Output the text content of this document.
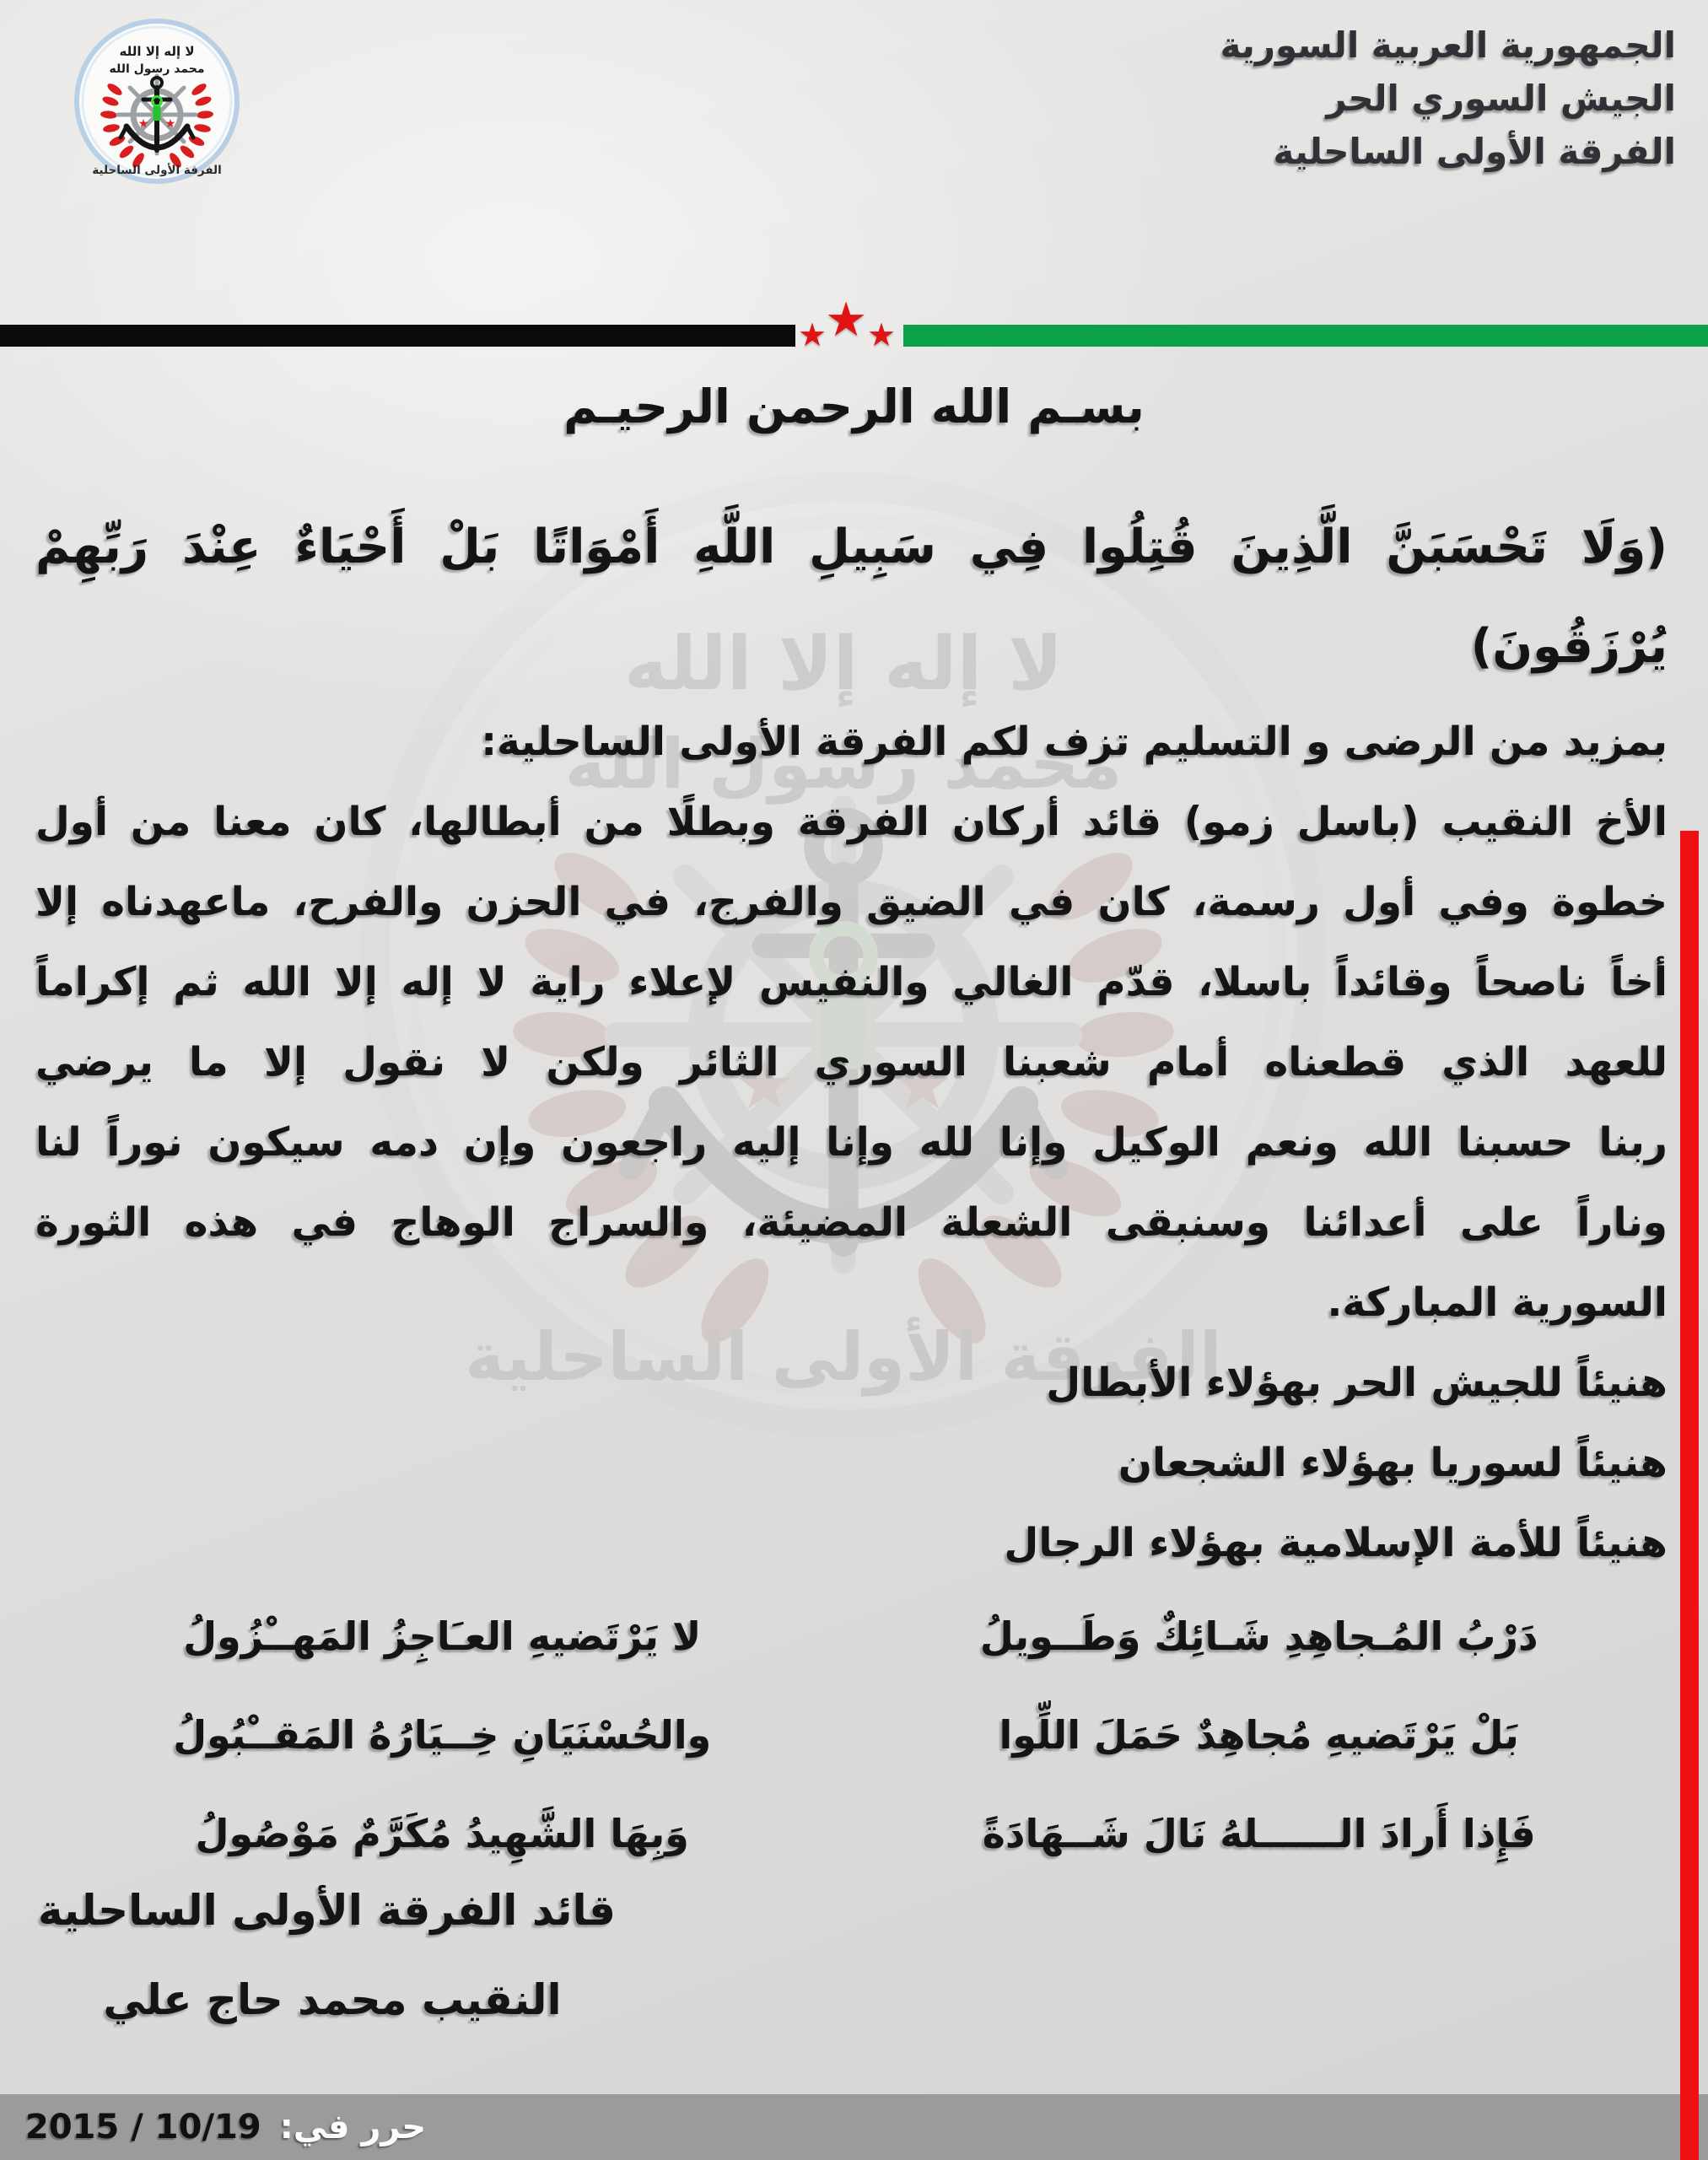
الجمهورية العربية السورية
الجيش السوري الحر
الفرقة الأولى الساحلية
★
★ ★
بسـم الله الرحمن الرحيـم
(وَلَا تَحْسَبَنَّ الَّذِينَ قُتِلُوا فِي سَبِيلِ اللَّهِ أَمْوَاتًا بَلْ أَحْيَاءٌ عِنْدَ رَبِّهِمْ يُرْزَقُونَ)
بمزيد من الرضى و التسليم تزف لكم الفرقة الأولى الساحلية:
الأخ النقيب (باسل زمو) قائد أركان الفرقة وبطلًا من أبطالها، كان معنا من أول
خطوة وفي أول رسمة، كان في الضيق والفرج، في الحزن والفرح، ماعهدناه إلا
أخاً ناصحاً وقائداً باسلا، قدّم الغالي والنفيس لإعلاء راية لا إله إلا الله ثم إكراماً
للعهد الذي قطعناه أمام شعبنا السوري الثائر ولكن لا نقول إلا ما يرضي
ربنا حسبنا الله ونعم الوكيل وإنا لله وإنا إليه راجعون وإن دمه سيكون نوراً لنا
وناراً على أعدائنا وسنبقى الشعلة المضيئة، والسراج الوهاج في هذه الثورة
السورية المباركة.
هنيئاً للجيش الحر بهؤلاء الأبطال
هنيئاً لسوريا بهؤلاء الشجعان
هنيئاً للأمة الإسلامية بهؤلاء الرجال
دَرْبُ المُـجاهِدِ شَـائِكٌ وَطَــويلُ
لا يَرْتَضيهِ العـَاجِزُ المَهــْزُولُ
بَلْ يَرْتَضيهِ مُجاهِدٌ حَمَلَ اللِّوا
والحُسْنَيَانِ خِــيَارُهُ المَقــْبُولُ
فَإِذا أَرادَ الــــــلهُ نَالَ شَــهَادَةً
وَبِهَا الشَّهِيدُ مُكَرَّمٌ مَوْصُولُ
قائد الفرقة الأولى الساحلية
النقيب محمد حاج علي
حرر في:
2015 / 10/19
